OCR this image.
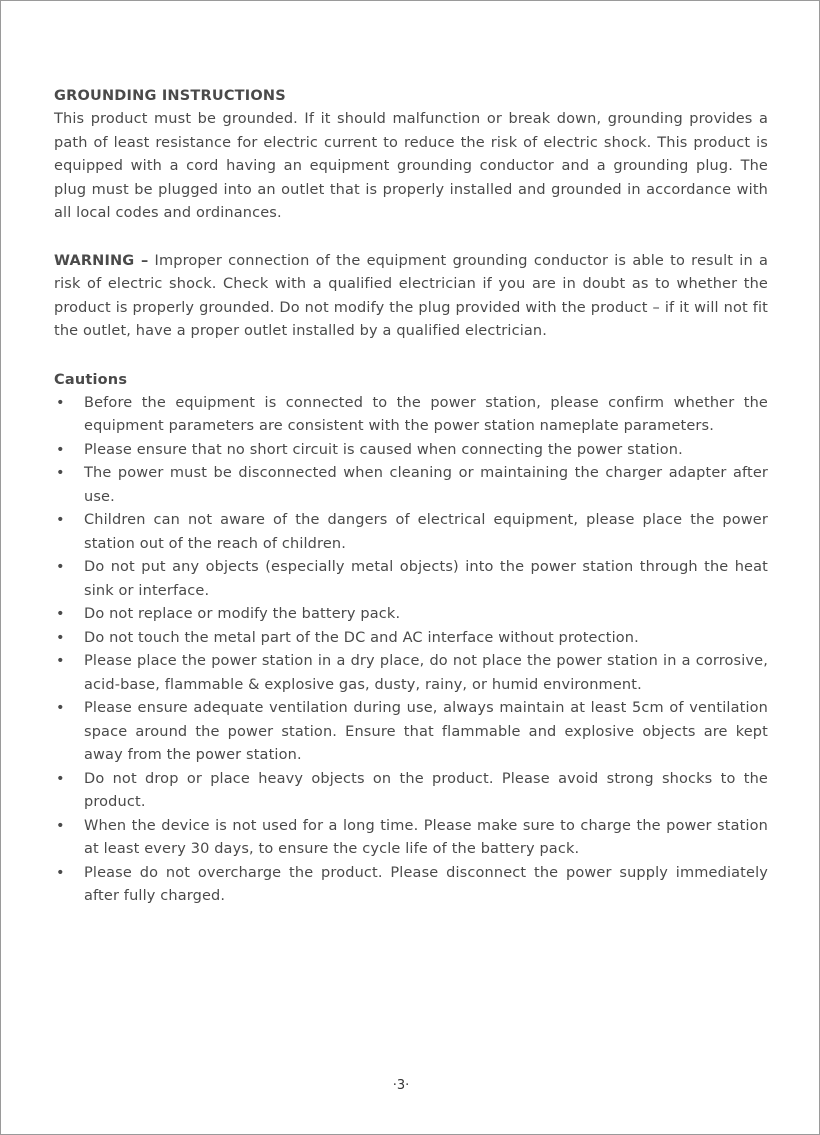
GROUNDING INSTRUCTIONS
This product must be grounded. If it should malfunction or break down, grounding provides a path of least resistance for electric current to reduce the risk of electric shock. This product is equipped with a cord having an equipment grounding conductor and a grounding plug. The plug must be plugged into an outlet that is properly installed and grounded in accordance with all local codes and ordinances.
WARNING – Improper connection of the equipment grounding conductor is able to result in a risk of electric shock. Check with a qualified electrician if you are in doubt as to whether the product is properly grounded. Do not modify the plug provided with the product – if it will not fit the outlet, have a proper outlet installed by a qualified electrician.
Cautions
• Before the equipment is connected to the power station, please confirm whether the equipment parameters are consistent with the power station nameplate parameters.
• Please ensure that no short circuit is caused when connecting the power station.
• The power must be disconnected when cleaning or maintaining the charger adapter after use.
• Children can not aware of the dangers of electrical equipment, please place the power station out of the reach of children.
• Do not put any objects (especially metal objects) into the power station through the heat sink or interface.
• Do not replace or modify the battery pack.
• Do not touch the metal part of the DC and AC interface without protection.
• Please place the power station in a dry place, do not place the power station in a corrosive, acid-base, flammable & explosive gas, dusty, rainy, or humid environment.
• Please ensure adequate ventilation during use, always maintain at least 5cm of ventilation space around the power station. Ensure that flammable and explosive objects are kept away from the power station.
• Do not drop or place heavy objects on the product. Please avoid strong shocks to the product.
• When the device is not used for a long time. Please make sure to charge the power station at least every 30 days, to ensure the cycle life of the battery pack.
• Please do not overcharge the product. Please disconnect the power supply immediately after fully charged.
·3·
